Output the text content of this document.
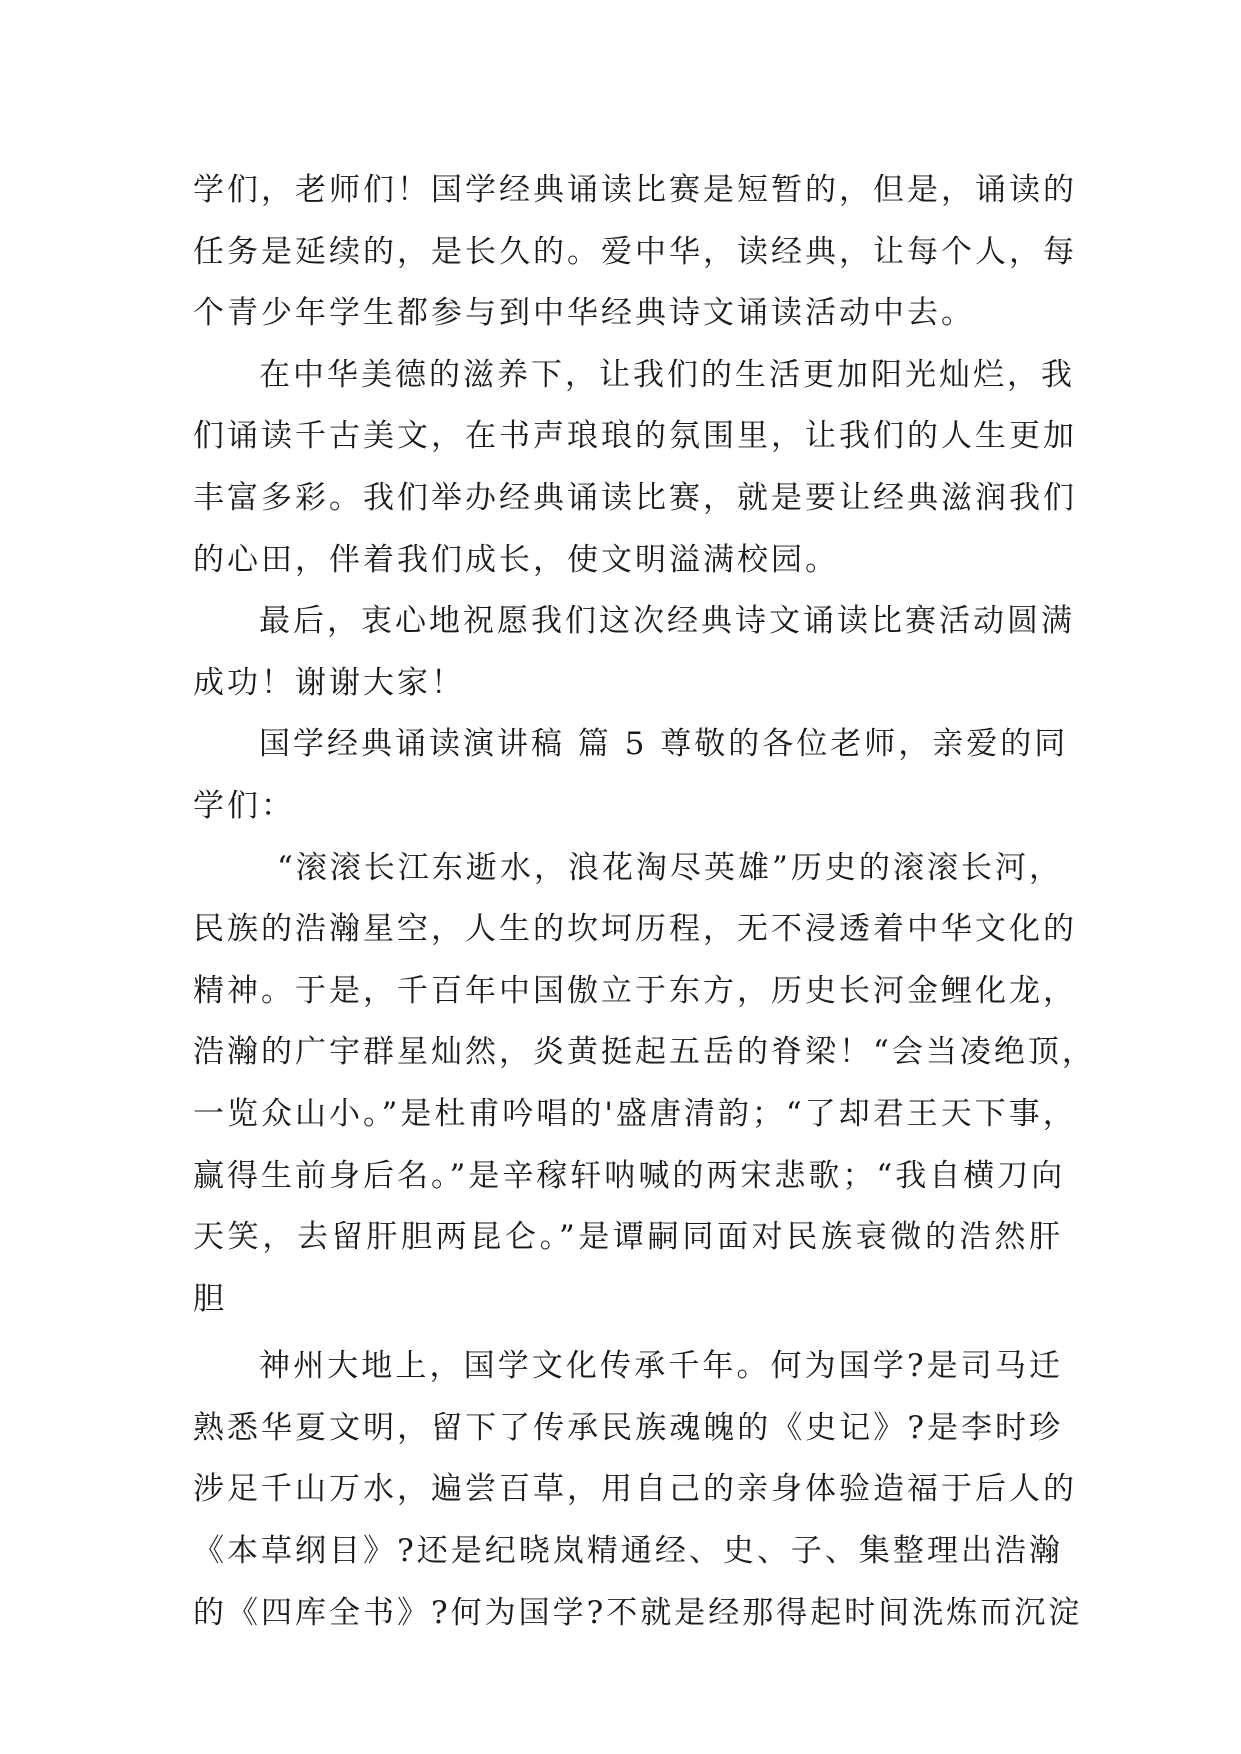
学们，老师们！国学经典诵读比赛是短暂的，但是，诵读的
任务是延续的，是长久的。爱中华，读经典，让每个人，每
个青少年学生都参与到中华经典诗文诵读活动中去。
在中华美德的滋养下，让我们的生活更加阳光灿烂，我
们诵读千古美文，在书声琅琅的氛围里，让我们的人生更加
丰富多彩。我们举办经典诵读比赛，就是要让经典滋润我们
的心田，伴着我们成长，使文明溢满校园。
最后，衷心地祝愿我们这次经典诗文诵读比赛活动圆满
成功！谢谢大家！
国学经典诵读演讲稿 篇 5 尊敬的各位老师，亲爱的同
学们：
“滚滚长江东逝水，浪花淘尽英雄”历史的滚滚长河，
民族的浩瀚星空，人生的坎坷历程，无不浸透着中华文化的
精神。于是，千百年中国傲立于东方，历史长河金鲤化龙，
浩瀚的广宇群星灿然，炎黄挺起五岳的脊梁！“会当凌绝顶，
一览众山小。”是杜甫吟唱的'盛唐清韵；“了却君王天下事，
赢得生前身后名。”是辛稼轩呐喊的两宋悲歌；“我自横刀向
天笑，去留肝胆两昆仑。”是谭嗣同面对民族衰微的浩然肝
胆
神州大地上，国学文化传承千年。何为国学?是司马迁
熟悉华夏文明，留下了传承民族魂魄的《史记》?是李时珍
涉足千山万水，遍尝百草，用自己的亲身体验造福于后人的
《本草纲目》?还是纪晓岚精通经、史、子、集整理出浩瀚
的《四库全书》?何为国学?不就是经那得起时间洗炼而沉淀
